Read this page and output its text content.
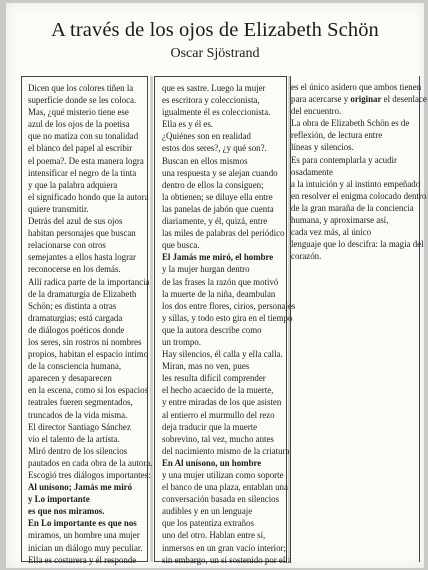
A través de los ojos de Elizabeth Schön
Oscar Sjöstrand

Dicen que los colores tiñen la

superficie donde se les coloca.

Mas, ¿qué misterio tiene ese

azul de los ojos de la poetisa

que no matiza con su tonalidad

el blanco del papel al escribir

el poema?. De esta manera logra

intensificar el negro de la tinta

y que la palabra adquiera

el significado hondo que la autora

quiere transmitir.

Detrás del azul de sus ojos

habitan personajes que buscan

relacionarse con otros

semejantes a ellos hasta lograr

reconocerse en los demás.

Allí radica parte de la importancia

de la dramaturgia de Elizabeth

Schön; es distinta a otras

dramaturgias; está cargada

de diálogos poéticos donde

los seres, sin rostros ni nombres

propios, habitan el espacio íntimo

de la consciencia humana,

aparecen y desaparecen

en la escena, como si los espacios

teatrales fueren segmentados,

truncados de la vida misma.

El director Santiago Sánchez

vio el talento de la artista.

Miró dentro de los silencios

pautados en cada obra de la autora.

Escogió tres diálogos importantes:

Al unísono; Jamás me miró

y Lo importante

es que nos miramos.

En Lo importante es que nos

miramos, un hombre una mujer

inician un diálogo muy peculiar.

Ella es costurera y él responde

que es sastre. Luego la mujer

es escritora y coleccionista,

igualmente él es coleccionista.

Ella es y él es.

¿Quiénes son en realidad

estos dos seres?, ¿y qué son?.

Buscan en ellos mismos

una respuesta y se alejan cuando

dentro de ellos la consiguen;

la obtienen; se diluye ella entre

las panelas de jabón que cuenta

diariamente, y él, quizá, entre

las miles de palabras del periódico

que busca.

El Jamás me miró, el hombre

y la mujer hurgan dentro

de las frases la razón que motivó

la muerte de la niña, deambulan

los dos entre flores, cirios, personajes

y sillas, y todo esto gira en el tiempo

que la autora describe como

un trompo.

Hay silencios, él calla y ella calla.

Miran, mas no ven, pues

les resulta difícil comprender

el hecho acaecido de la muerte,

y entre miradas de los que asisten

al entierro el murmullo del rezo

deja traducir que la muerte

sobrevino, tal vez, mucho antes

del nacimiento mismo de la criatura.

En Al unísono, un hombre

y una mujer utilizan como soporte

el banco de una plaza, entablan una

conversación basada en silencios

audibles y en un lenguaje

que los patentiza extraños

uno del otro. Hablan entre sí,

inmersos en un gran vacío interior;

sin embargo, un sí sostenido por ella

es el único asidero que ambos tienen

para acercarse y originar el desenlace

del encuentro.

La obra de Elizabeth Schön es de

reflexión, de lectura entre

líneas y silencios.

Es para contemplarla y acudir

osadamente

a la intuición y al instinto empeñado

en resolver el enigma colocado dentro

de la gran maraña de la conciencia

humana, y aproximarse así,

cada vez más, al único

lenguaje que lo descifra: la magia del

corazón.
